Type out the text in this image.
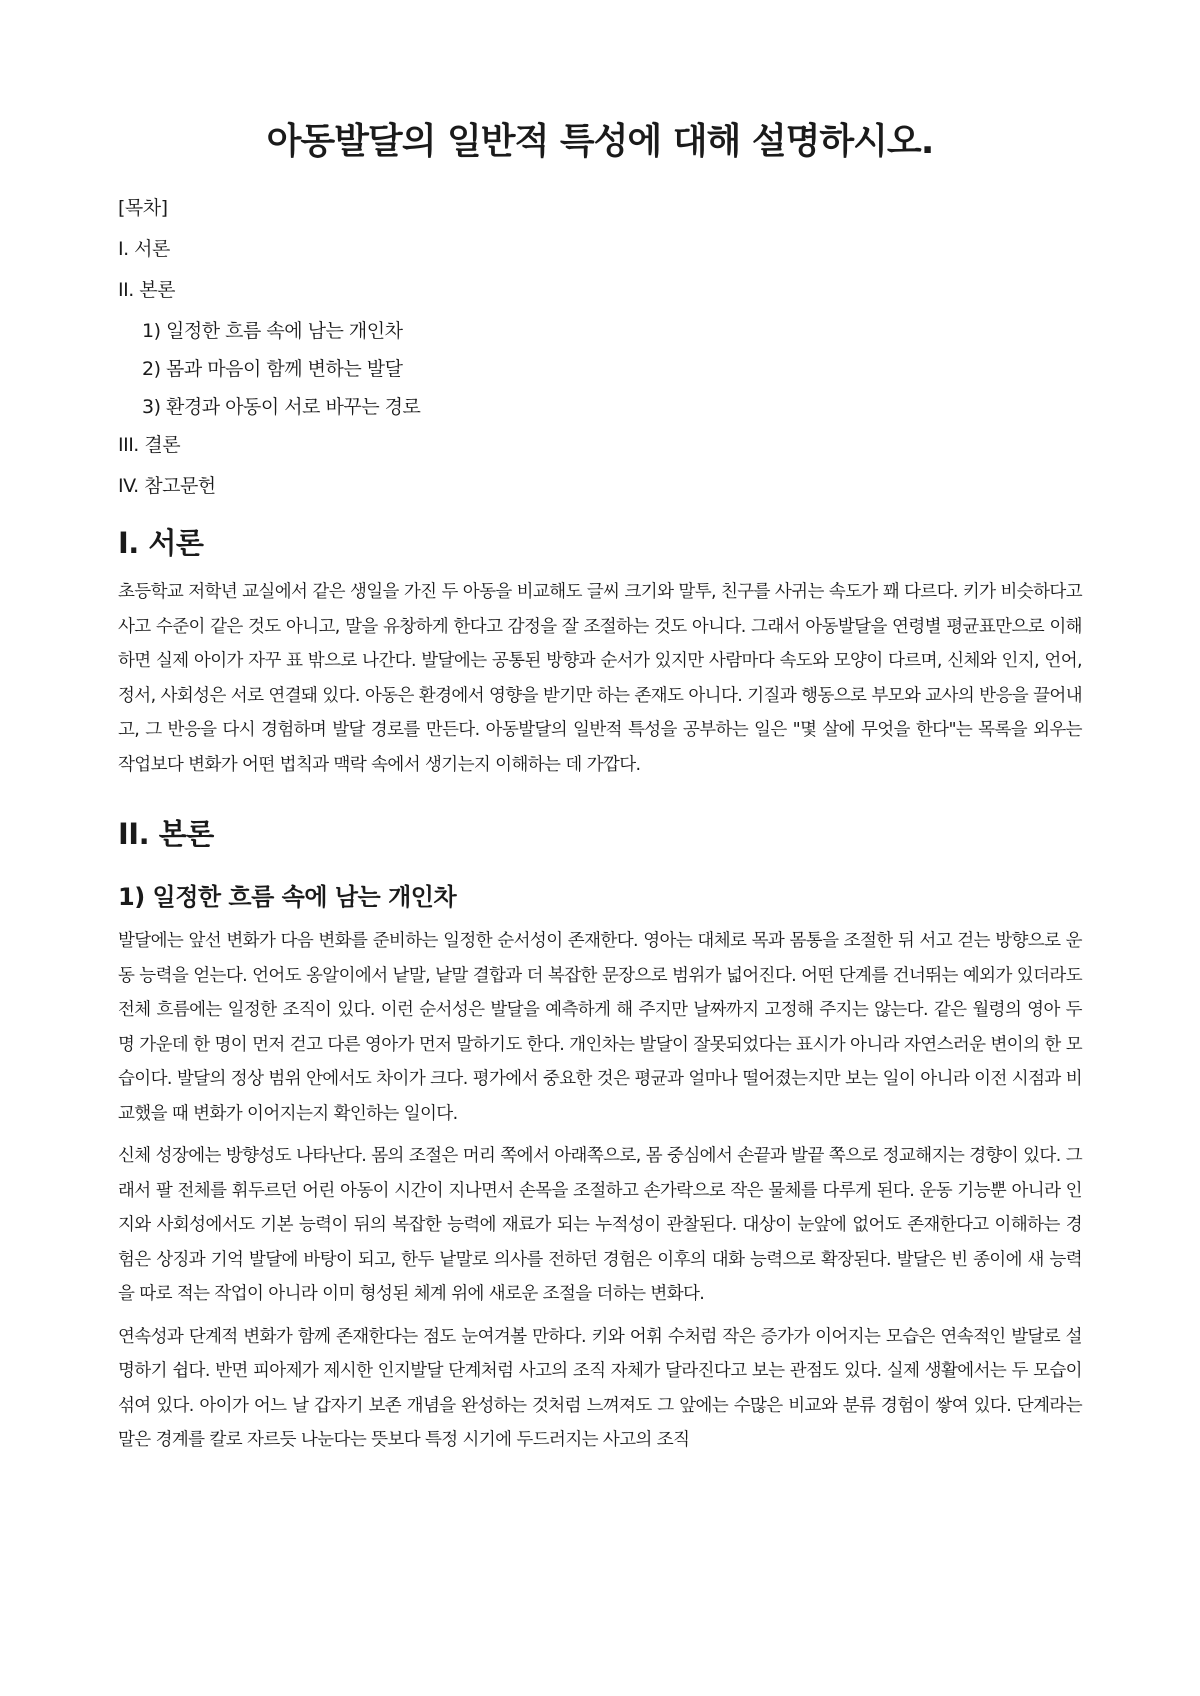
아동발달의 일반적 특성에 대해 설명하시오.
[목차]
I. 서론
II. 본론
1) 일정한 흐름 속에 남는 개인차
2) 몸과 마음이 함께 변하는 발달
3) 환경과 아동이 서로 바꾸는 경로
III. 결론
IV. 참고문헌
I. 서론

초등학교 저학년 교실에서 같은 생일을 가진 두 아동을 비교해도 글씨 크기와 말투, 친구를 사귀는 속도가 꽤 다르다. 키가 비슷하다고 사고 수준이 같은 것도 아니고, 말을 유창하게 한다고 감정을 잘 조절하는 것도 아니다. 그래서 아동발달을 연령별 평균표만으로 이해하면 실제 아이가 자꾸 표 밖으로 나간다. 발달에는 공통된 방향과 순서가 있지만 사람마다 속도와 모양이 다르며, 신체와 인지, 언어, 정서, 사회성은 서로 연결돼 있다. 아동은 환경에서 영향을 받기만 하는 존재도 아니다. 기질과 행동으로 부모와 교사의 반응을 끌어내고, 그 반응을 다시 경험하며 발달 경로를 만든다. 아동발달의 일반적 특성을 공부하는 일은 "몇 살에 무엇을 한다"는 목록을 외우는 작업보다 변화가 어떤 법칙과 맥락 속에서 생기는지 이해하는 데 가깝다.

II. 본론
1) 일정한 흐름 속에 남는 개인차

발달에는 앞선 변화가 다음 변화를 준비하는 일정한 순서성이 존재한다. 영아는 대체로 목과 몸통을 조절한 뒤 서고 걷는 방향으로 운동 능력을 얻는다. 언어도 옹알이에서 낱말, 낱말 결합과 더 복잡한 문장으로 범위가 넓어진다. 어떤 단계를 건너뛰는 예외가 있더라도 전체 흐름에는 일정한 조직이 있다. 이런 순서성은 발달을 예측하게 해 주지만 날짜까지 고정해 주지는 않는다. 같은 월령의 영아 두 명 가운데 한 명이 먼저 걷고 다른 영아가 먼저 말하기도 한다. 개인차는 발달이 잘못되었다는 표시가 아니라 자연스러운 변이의 한 모습이다. 발달의 정상 범위 안에서도 차이가 크다. 평가에서 중요한 것은 평균과 얼마나 떨어졌는지만 보는 일이 아니라 이전 시점과 비교했을 때 변화가 이어지는지 확인하는 일이다.

신체 성장에는 방향성도 나타난다. 몸의 조절은 머리 쪽에서 아래쪽으로, 몸 중심에서 손끝과 발끝 쪽으로 정교해지는 경향이 있다. 그래서 팔 전체를 휘두르던 어린 아동이 시간이 지나면서 손목을 조절하고 손가락으로 작은 물체를 다루게 된다. 운동 기능뿐 아니라 인지와 사회성에서도 기본 능력이 뒤의 복잡한 능력에 재료가 되는 누적성이 관찰된다. 대상이 눈앞에 없어도 존재한다고 이해하는 경험은 상징과 기억 발달에 바탕이 되고, 한두 낱말로 의사를 전하던 경험은 이후의 대화 능력으로 확장된다. 발달은 빈 종이에 새 능력을 따로 적는 작업이 아니라 이미 형성된 체계 위에 새로운 조절을 더하는 변화다.

연속성과 단계적 변화가 함께 존재한다는 점도 눈여겨볼 만하다. 키와 어휘 수처럼 작은 증가가 이어지는 모습은 연속적인 발달로 설명하기 쉽다. 반면 피아제가 제시한 인지발달 단계처럼 사고의 조직 자체가 달라진다고 보는 관점도 있다. 실제 생활에서는 두 모습이 섞여 있다. 아이가 어느 날 갑자기 보존 개념을 완성하는 것처럼 느껴져도 그 앞에는 수많은 비교와 분류 경험이 쌓여 있다. 단계라는 말은 경계를 칼로 자르듯 나눈다는 뜻보다 특정 시기에 두드러지는 사고의 조직
